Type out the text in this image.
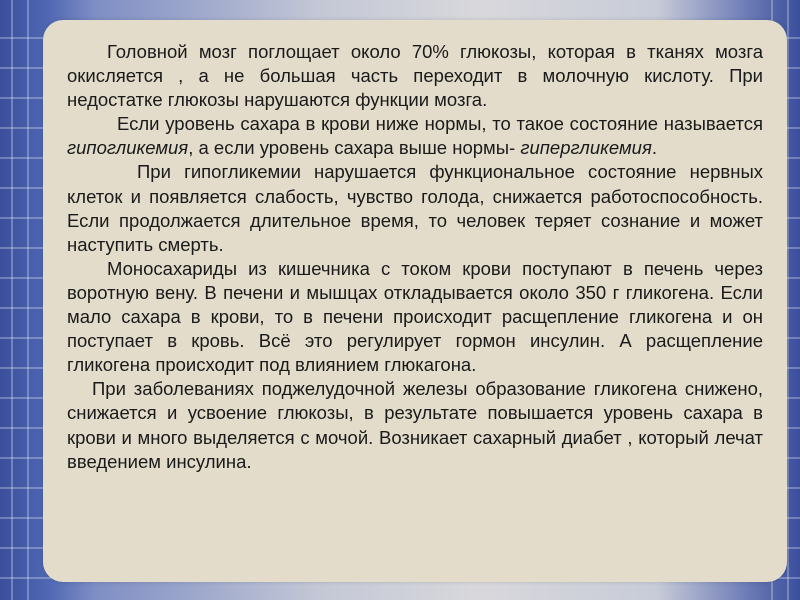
Головной мозг поглощает около 70% глюкозы, которая в тканях мозга окисляется , а не большая часть переходит в молочную кислоту. При недостатке глюкозы нарушаются функции мозга.

Если уровень сахара в крови ниже нормы, то такое состояние называется гипогликемия, а если уровень сахара выше нормы- гипергликемия.

При гипогликемии нарушается функциональное состояние нервных клеток и появляется слабость, чувство голода, снижается работоспособность. Если продолжается длительное время, то человек теряет сознание и может наступить смерть.

Моносахариды из кишечника с током крови поступают в печень через воротную вену. В печени и мышцах откладывается около 350 г гликогена. Если мало сахара в крови, то в печени происходит расщепление гликогена и он поступает в кровь. Всё это регулирует гормон инсулин. А расщепление гликогена происходит под влиянием глюкагона.

При заболеваниях поджелудочной железы образование гликогена снижено, снижается и усвоение глюкозы, в результате повышается уровень сахара в крови и много выделяется с мочой. Возникает сахарный диабет , который лечат введением инсулина.
